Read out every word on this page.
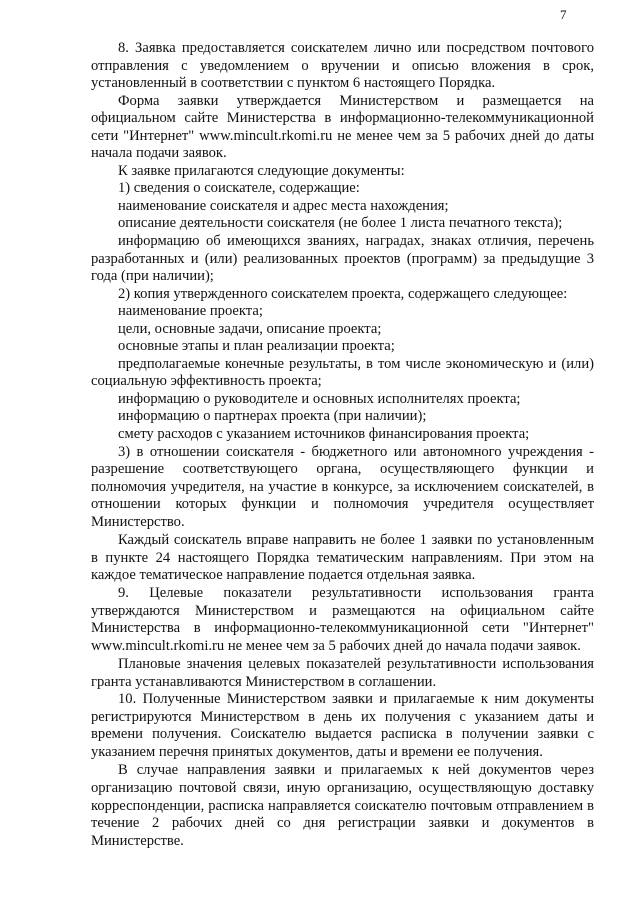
7

8. Заявка предоставляется соискателем лично или посредством почтового отправления с уведомлением о вручении и описью вложения в срок, установленный в соответствии с пунктом 6 настоящего Порядка.

Форма заявки утверждается Министерством и размещается на официальном сайте Министерства в информационно-телекоммуникационной сети "Интернет" www.mincult.rkomi.ru не менее чем за 5 рабочих дней до даты начала подачи заявок.

К заявке прилагаются следующие документы:

1) сведения о соискателе, содержащие:

наименование соискателя и адрес места нахождения;

описание деятельности соискателя (не более 1 листа печатного текста);

информацию об имеющихся званиях, наградах, знаках отличия, перечень разработанных и (или) реализованных проектов (программ) за предыдущие 3 года (при наличии);

2) копия утвержденного соискателем проекта, содержащего следующее:

наименование проекта;

цели, основные задачи, описание проекта;

основные этапы и план реализации проекта;

предполагаемые конечные результаты, в том числе экономическую и (или) социальную эффективность проекта;

информацию о руководителе и основных исполнителях проекта;

информацию о партнерах проекта (при наличии);

смету расходов с указанием источников финансирования проекта;

3) в отношении соискателя - бюджетного или автономного учреждения - разрешение соответствующего органа, осуществляющего функции и полномочия учредителя, на участие в конкурсе, за исключением соискателей, в отношении которых функции и полномочия учредителя осуществляет Министерство.

Каждый соискатель вправе направить не более 1 заявки по установленным в пункте 24 настоящего Порядка тематическим направлениям. При этом на каждое тематическое направление подается отдельная заявка.

9. Целевые показатели результативности использования гранта утверждаются Министерством и размещаются на официальном сайте Министерства в информационно-телекоммуникационной сети "Интернет" www.mincult.rkomi.ru не менее чем за 5 рабочих дней до начала подачи заявок.

Плановые значения целевых показателей результативности использования гранта устанавливаются Министерством в соглашении.

10. Полученные Министерством заявки и прилагаемые к ним документы регистрируются Министерством в день их получения с указанием даты и времени получения. Соискателю выдается расписка в получении заявки с указанием перечня принятых документов, даты и времени ее получения.

В случае направления заявки и прилагаемых к ней документов через организацию почтовой связи, иную организацию, осуществляющую доставку корреспонденции, расписка направляется соискателю почтовым отправлением в течение 2 рабочих дней со дня регистрации заявки и документов в Министерстве.
